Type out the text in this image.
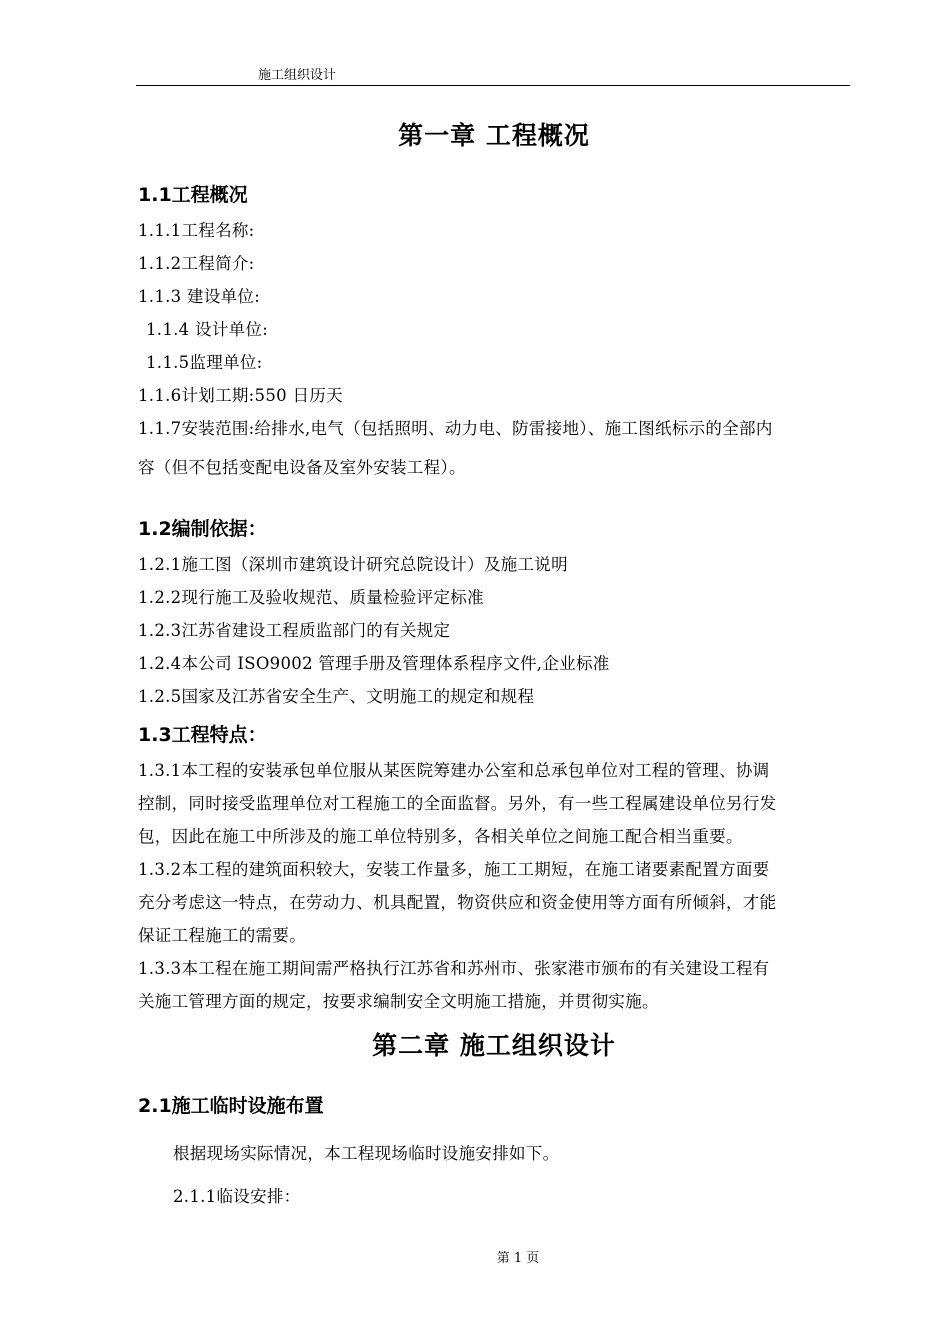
施工组织设计
第一章 工程概况
1.1工程概况
1.1.1工程名称:
1.1.2工程简介:
1.1.3 建设单位:
1.1.4 设计单位:
1.1.5监理单位:
1.1.6计划工期:550 日历天
1.1.7安装范围:给排水,电气（包括照明、动力电、防雷接地）、施工图纸标示的全部内
容（但不包括变配电设备及室外安装工程）。
1.2编制依据：
1.2.1施工图（深圳市建筑设计研究总院设计）及施工说明
1.2.2现行施工及验收规范、质量检验评定标准
1.2.3江苏省建设工程质监部门的有关规定
1.2.4本公司 ISO9002 管理手册及管理体系程序文件,企业标准
1.2.5国家及江苏省安全生产、文明施工的规定和规程
1.3工程特点：
1.3.1本工程的安装承包单位服从某医院筹建办公室和总承包单位对工程的管理、协调
控制，同时接受监理单位对工程施工的全面监督。另外，有一些工程属建设单位另行发
包，因此在施工中所涉及的施工单位特别多，各相关单位之间施工配合相当重要。
1.3.2本工程的建筑面积较大，安装工作量多，施工工期短，在施工诸要素配置方面要
充分考虑这一特点，在劳动力、机具配置，物资供应和资金使用等方面有所倾斜，才能
保证工程施工的需要。
1.3.3本工程在施工期间需严格执行江苏省和苏州市、张家港市颁布的有关建设工程有
关施工管理方面的规定，按要求编制安全文明施工措施，并贯彻实施。
第二章 施工组织设计
2.1施工临时设施布置
根据现场实际情况，本工程现场临时设施安排如下。
2.1.1临设安排：
第 1 页
